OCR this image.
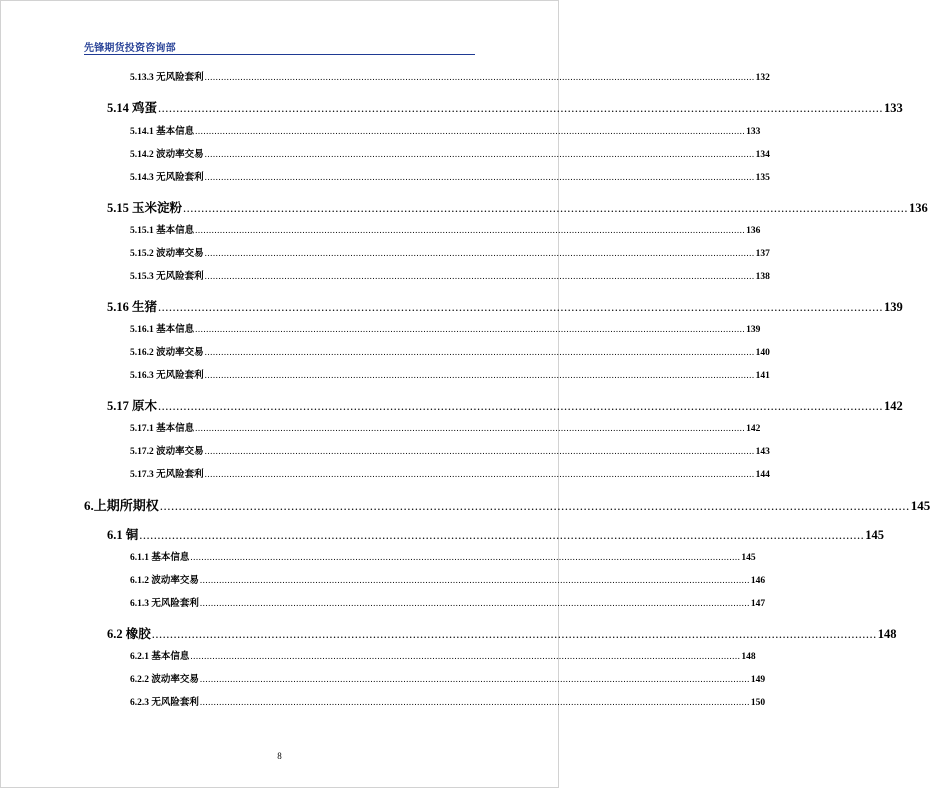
先锋期货投资咨询部
5.13.3 无风险套利 ........................................................................................................................................................................................................ 132
5.14 鸡蛋 ........................................................................................................................................................................................................ 133
5.14.1 基本信息 ........................................................................................................................................................................................................ 133
5.14.2 波动率交易 ........................................................................................................................................................................................................ 134
5.14.3 无风险套利 ........................................................................................................................................................................................................ 135
5.15 玉米淀粉 ........................................................................................................................................................................................................ 136
5.15.1 基本信息 ........................................................................................................................................................................................................ 136
5.15.2 波动率交易 ........................................................................................................................................................................................................ 137
5.15.3 无风险套利 ........................................................................................................................................................................................................ 138
5.16 生猪 ........................................................................................................................................................................................................ 139
5.16.1 基本信息 ........................................................................................................................................................................................................ 139
5.16.2 波动率交易 ........................................................................................................................................................................................................ 140
5.16.3 无风险套利 ........................................................................................................................................................................................................ 141
5.17 原木 ........................................................................................................................................................................................................ 142
5.17.1 基本信息 ........................................................................................................................................................................................................ 142
5.17.2 波动率交易 ........................................................................................................................................................................................................ 143
5.17.3 无风险套利 ........................................................................................................................................................................................................ 144
6.上期所期权 ........................................................................................................................................................................................................ 145
6.1 铜 ........................................................................................................................................................................................................ 145
6.1.1 基本信息 ........................................................................................................................................................................................................ 145
6.1.2 波动率交易 ........................................................................................................................................................................................................ 146
6.1.3 无风险套利 ........................................................................................................................................................................................................ 147
6.2 橡胶 ........................................................................................................................................................................................................ 148
6.2.1 基本信息 ........................................................................................................................................................................................................ 148
6.2.2 波动率交易 ........................................................................................................................................................................................................ 149
6.2.3 无风险套利 ........................................................................................................................................................................................................ 150
8
